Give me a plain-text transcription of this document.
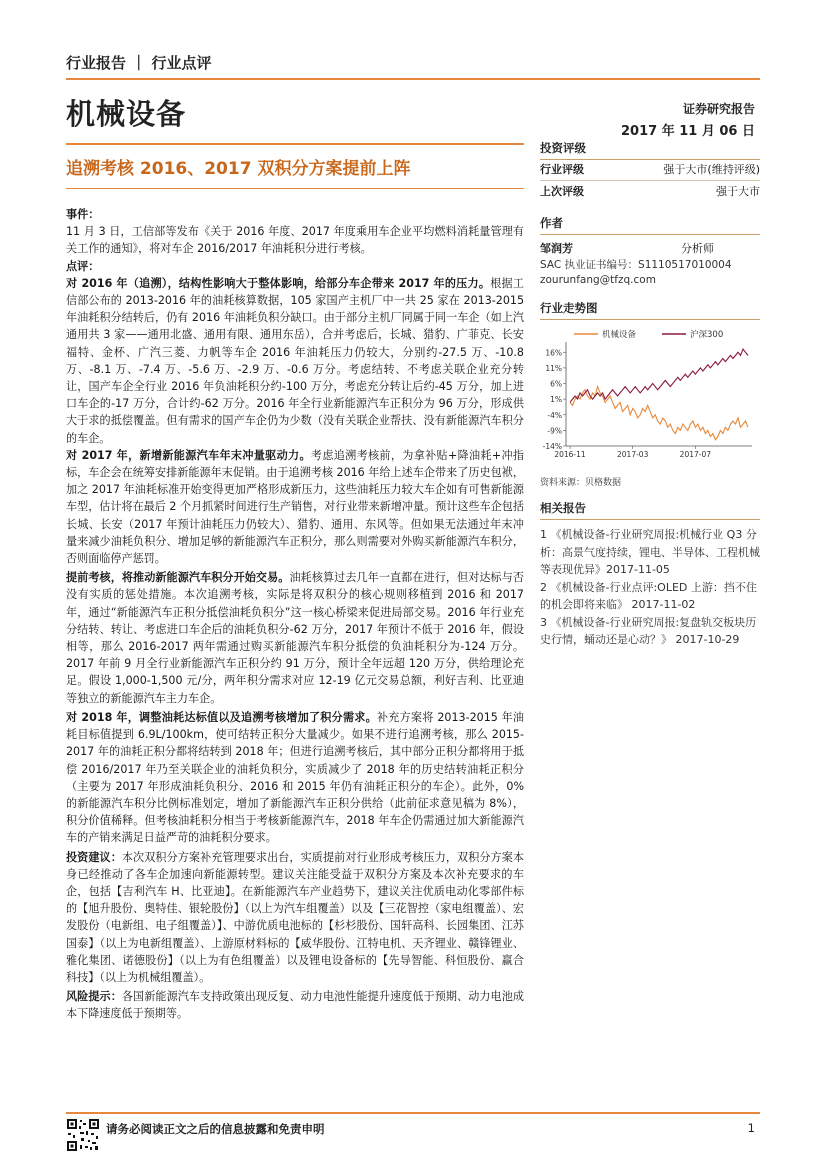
行业报告 ｜ 行业点评
机械设备	证券研究报告
2017 年 11 月 06 日
追溯考核 2016、2017 双积分方案提前上阵

事件：

11 月 3 日，工信部等发布《关于 2016 年度、2017 年度乘用车企业平均燃料消耗量管理有关工作的通知》，将对车企 2016/2017 年油耗积分进行考核。

点评：

对 2016 年（追溯），结构性影响大于整体影响，给部分车企带来 2017 年的压力。根据工信部公布的 2013-2016 年的油耗核算数据，105 家国产主机厂中一共 25 家在 2013-2015 年油耗积分结转后，仍有 2016 年油耗负积分缺口。由于部分主机厂同属于同一车企（如上汽通用共 3 家——通用北盛、通用有限、通用东岳），合并考虑后，长城、猎豹、广菲克、长安福特、金杯、广汽三菱、力帆等车企 2016 年油耗压力仍较大，分别约-27.5 万、-10.8 万、-8.1 万、-7.4 万、-5.6 万、-2.9 万、-0.6 万分。考虑结转、不考虑关联企业充分转让，国产车企全行业 2016 年负油耗积分约-100 万分，考虑充分转让后约-45 万分，加上进口车企的-17 万分，合计约-62 万分。2016 年全行业新能源汽车正积分为 96 万分，形成供大于求的抵偿覆盖。但有需求的国产车企仍为少数（没有关联企业帮扶、没有新能源汽车积分的车企。

对 2017 年，新增新能源汽车年末冲量驱动力。考虑追溯考核前，为拿补贴+降油耗+冲指标，车企会在统筹安排新能源年末促销。由于追溯考核 2016 年给上述车企带来了历史包袱，加之 2017 年油耗标准开始变得更加严格形成新压力，这些油耗压力较大车企如有可售新能源车型，估计将在最后 2 个月抓紧时间进行生产销售，对行业带来新增冲量。预计这些车企包括长城、长安（2017 年预计油耗压力仍较大）、猎豹、通用、东风等。但如果无法通过年末冲量来减少油耗负积分、增加足够的新能源汽车正积分，那么则需要对外购买新能源汽车积分，否则面临停产惩罚。

提前考核，将推动新能源汽车积分开始交易。油耗核算过去几年一直都在进行，但对达标与否没有实质的惩处措施。本次追溯考核，实际是将双积分的核心规则移植到 2016 和 2017 年，通过“新能源汽车正积分抵偿油耗负积分”这一核心桥梁来促进局部交易。2016 年行业充分结转、转让、考虑进口车企后的油耗负积分-62 万分，2017 年预计不低于 2016 年，假设相等，那么 2016-2017 两年需通过购买新能源汽车积分抵偿的负油耗积分为-124 万分。2017 年前 9 月全行业新能源汽车正积分约 91 万分，预计全年远超 120 万分，供给理论充足。假设 1,000-1,500 元/分，两年积分需求对应 12-19 亿元交易总额，利好吉利、比亚迪等独立的新能源汽车主力车企。

对 2018 年，调整油耗达标值以及追溯考核增加了积分需求。补充方案将 2013-2015 年油耗目标值提到 6.9L/100km，使可结转正积分大量减少。如果不进行追溯考核，那么 2015-2017 年的油耗正积分都将结转到 2018 年；但进行追溯考核后，其中部分正积分都将用于抵偿 2016/2017 年乃至关联企业的油耗负积分，实质减少了 2018 年的历史结转油耗正积分（主要为 2017 年形成油耗负积分、2016 和 2015 年仍有油耗正积分的车企）。此外，0%的新能源汽车积分比例标准划定，增加了新能源汽车正积分供给（此前征求意见稿为 8%），积分价值稀释。但考核油耗积分相当于考核新能源汽车，2018 年车企仍需通过加大新能源汽车的产销来满足日益严苛的油耗积分要求。

投资建议：本次双积分方案补充管理要求出台，实质提前对行业形成考核压力，双积分方案本身已经推动了各车企加速向新能源转型。建议关注能受益于双积分方案及本次补充要求的车企，包括【吉利汽车 H、比亚迪】。在新能源汽车产业趋势下，建议关注优质电动化零部件标的【旭升股份、奥特佳、银轮股份】（以上为汽车组覆盖）以及【三花智控（家电组覆盖）、宏发股份（电新组、电子组覆盖）】、中游优质电池标的【杉杉股份、国轩高科、长园集团、江苏国泰】（以上为电新组覆盖）、上游原材料标的【威华股份、江特电机、天齐锂业、赣锋锂业、雅化集团、诺德股份】（以上为有色组覆盖）以及锂电设备标的【先导智能、科恒股份、赢合科技】（以上为机械组覆盖）。

风险提示：各国新能源汽车支持政策出现反复、动力电池性能提升速度低于预期、动力电池成本下降速度低于预期等。

投资评级
行业评级	强于大市(维持评级)
上次评级	强于大市
作者
邹润芳	分析师
SAC 执业证书编号：S1110517010004
zourunfang@tfzq.com
行业走势图
16%
11%
6%
1%
-4%
-9%
-14%
2016-11	2017-03	2017-07
机械设备	沪深300
资料来源：贝格数据
相关报告
1 《机械设备-行业研究周报:机械行业 Q3 分析：高景气度持续，锂电、半导体、工程机械等表现优异》2017-11-05
2 《机械设备-行业点评:OLED 上游：挡不住的机会即将来临》 2017-11-02
3 《机械设备-行业研究周报:复盘轨交板块历史行情，蛹动还是心动？》 2017-10-29
请务必阅读正文之后的信息披露和免责申明	1
